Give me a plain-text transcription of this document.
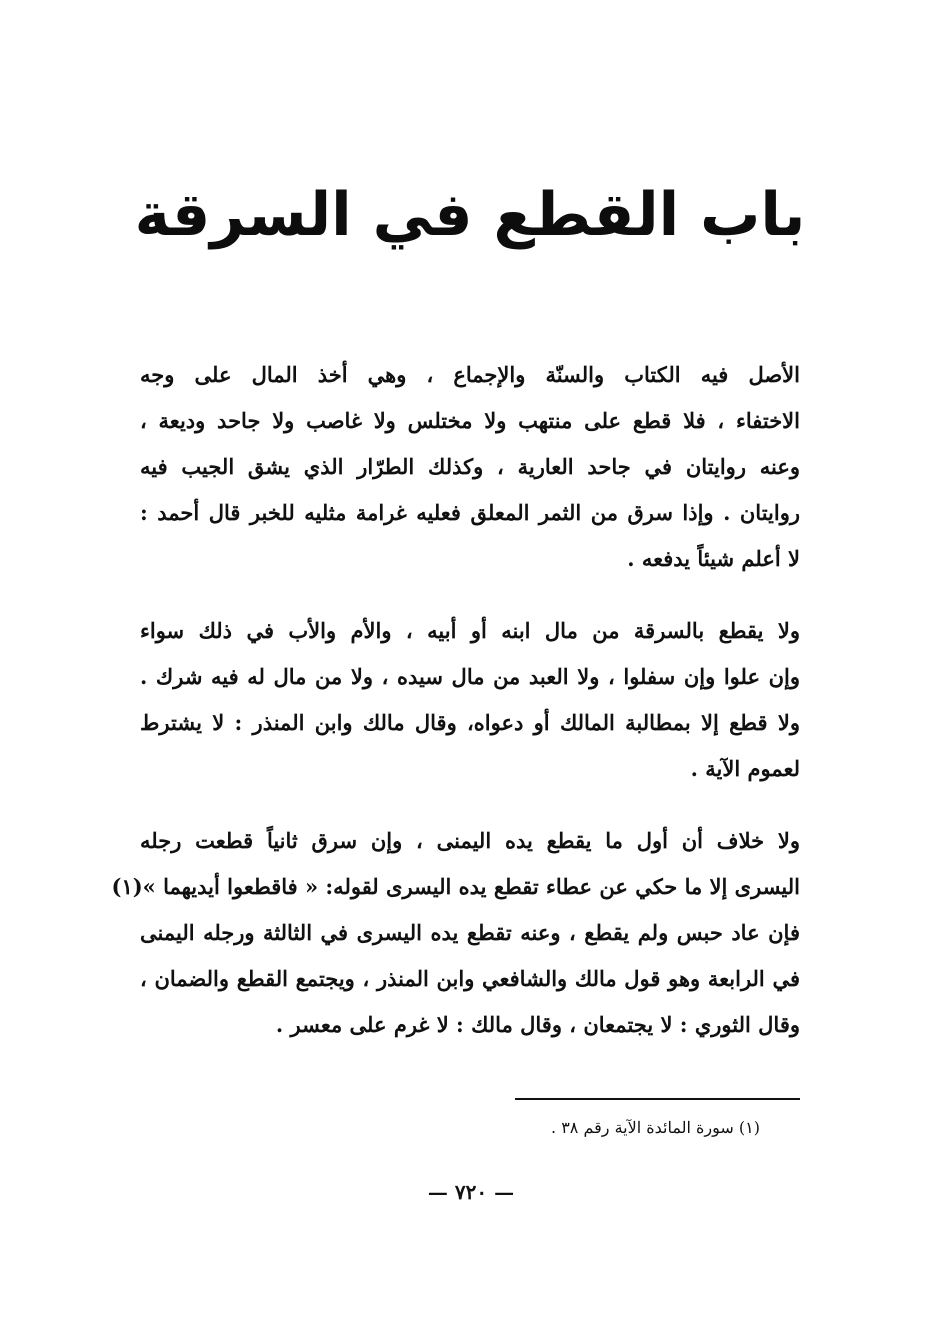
باب القطع في السرقة
الأصل فيه الكتاب والسنّة والإجماع ، وهي أخذ المال على وجه
الاختفاء ، فلا قطع على منتهب ولا مختلس ولا غاصب ولا جاحد وديعة ،
وعنه روايتان في جاحد العارية ، وكذلك الطرّار الذي يشق الجيب فيه
روايتان . وإذا سرق من الثمر المعلق فعليه غرامة مثليه للخبر قال أحمد :
لا أعلم شيئاً يدفعه .
ولا يقطع بالسرقة من مال ابنه أو أبيه ، والأم والأب في ذلك سواء
وإن علوا وإن سفلوا ، ولا العبد من مال سيده ، ولا من مال له فيه شرك .
ولا قطع إلا بمطالبة المالك أو دعواه، وقال مالك وابن المنذر : لا يشترط
لعموم الآية .
ولا خلاف أن أول ما يقطع يده اليمنى ، وإن سرق ثانياً قطعت رجله
اليسرى إلا ما حكي عن عطاء تقطع يده اليسرى لقوله: « فاقطعوا أيديهما »(١)
فإن عاد حبس ولم يقطع ، وعنه تقطع يده اليسرى في الثالثة ورجله اليمنى
في الرابعة وهو قول مالك والشافعي وابن المنذر ، ويجتمع القطع والضمان ،
وقال الثوري : لا يجتمعان ، وقال مالك : لا غرم على معسر .
(١) سورة المائدة الآية رقم ٣٨ .
— ٧٢٠ —
